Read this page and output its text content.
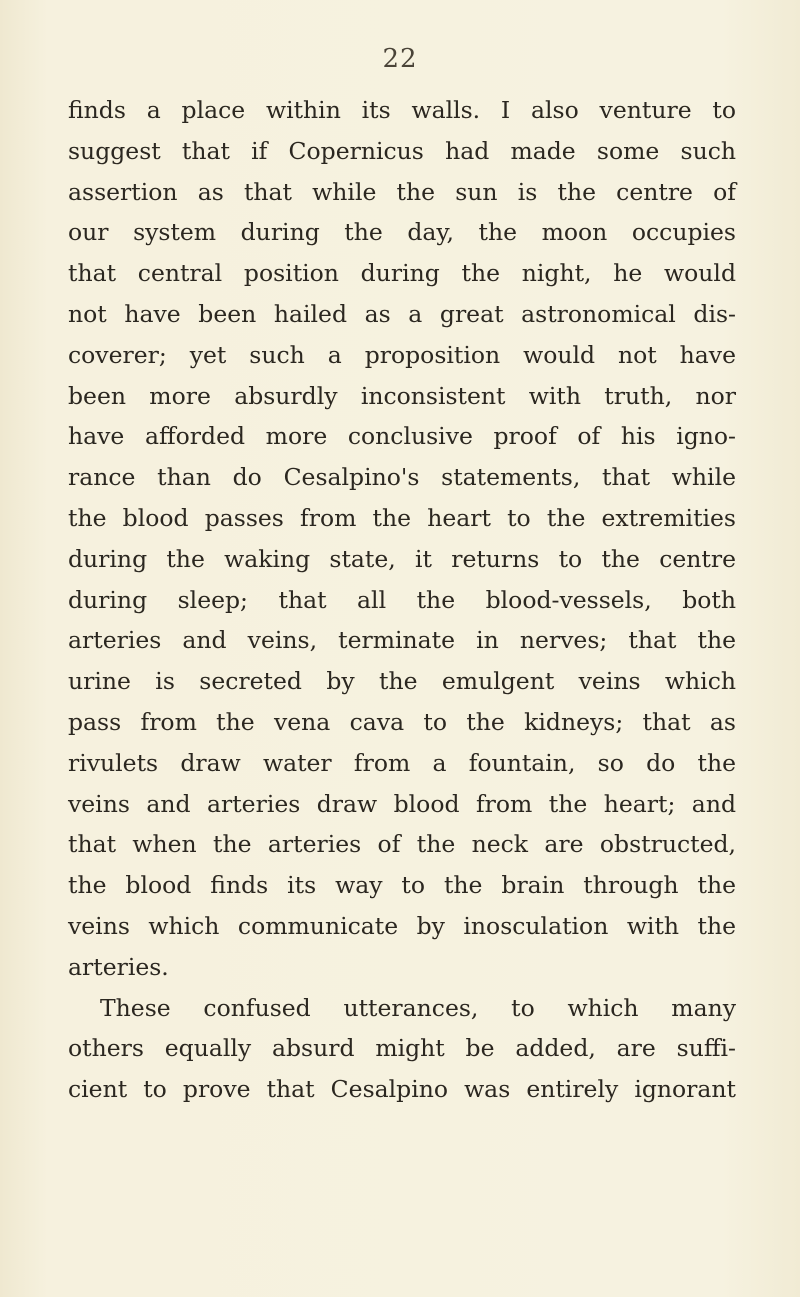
22
finds a place within its walls. I also venture to
suggest that if Copernicus had made some such
assertion as that while the sun is the centre of
our system during the day, the moon occupies
that central position during the night, he would
not have been hailed as a great astronomical dis-
coverer; yet such a proposition would not have
been more absurdly inconsistent with truth, nor
have afforded more conclusive proof of his igno-
rance than do Cesalpino's statements, that while
the blood passes from the heart to the extremities
during the waking state, it returns to the centre
during sleep; that all the blood-vessels, both
arteries and veins, terminate in nerves; that the
urine is secreted by the emulgent veins which
pass from the vena cava to the kidneys; that as
rivulets draw water from a fountain, so do the
veins and arteries draw blood from the heart; and
that when the arteries of the neck are obstructed,
the blood finds its way to the brain through the
veins which communicate by inosculation with the
arteries.
These confused utterances, to which many
others equally absurd might be added, are suffi-
cient to prove that Cesalpino was entirely ignorant
